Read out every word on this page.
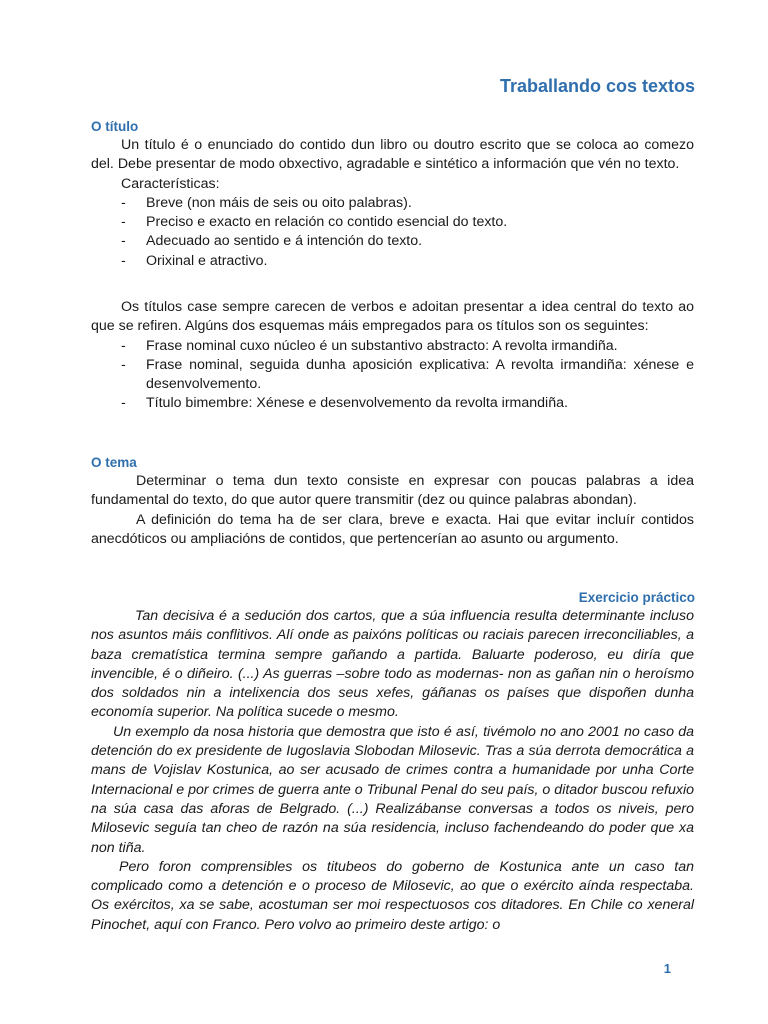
Traballando cos textos
O título

Un título é o enunciado do contido dun libro ou doutro escrito que se coloca ao comezo del. Debe presentar de modo obxectivo, agradable e sintético a información que vén no texto.

Características:

- Breve (non máis de seis ou oito palabras).
- Preciso e exacto en relación co contido esencial do texto.
- Adecuado ao sentido e á intención do texto.
- Orixinal e atractivo.

Os títulos case sempre carecen de verbos e adoitan presentar a idea central do texto ao que se refiren. Algúns dos esquemas máis empregados para os títulos son os seguintes:

- Frase nominal cuxo núcleo é un substantivo abstracto: A revolta irmandiña.
- Frase nominal, seguida dunha aposición explicativa: A revolta irmandiña: xénese e desenvolvemento.
- Título bimembre: Xénese e desenvolvemento da revolta irmandiña.
O tema

Determinar o tema dun texto consiste en expresar con poucas palabras a idea fundamental do texto, do que autor quere transmitir (dez ou quince palabras abondan).

A definición do tema ha de ser clara, breve e exacta. Hai que evitar incluír contidos anecdóticos ou ampliacións de contidos, que pertencerían ao asunto ou argumento.

Exercicio práctico

Tan decisiva é a sedución dos cartos, que a súa influencia resulta determinante incluso nos asuntos máis conflitivos. Alí onde as paixóns políticas ou raciais parecen irreconciliables, a baza crematística termina sempre gañando a partida. Baluarte poderoso, eu diría que invencible, é o diñeiro. (...) As guerras –sobre todo as modernas- non as gañan nin o heroísmo dos soldados nin a intelixencia dos seus xefes, gáñanas os países que dispoñen dunha economía superior. Na política sucede o mesmo.

Un exemplo da nosa historia que demostra que isto é así, tivémolo no ano 2001 no caso da detención do ex presidente de Iugoslavia Slobodan Milosevic. Tras a súa derrota democrática a mans de Vojislav Kostunica, ao ser acusado de crimes contra a humanidade por unha Corte Internacional e por crimes de guerra ante o Tribunal Penal do seu país, o ditador buscou refuxio na súa casa das aforas de Belgrado. (...) Realizábanse conversas a todos os niveis, pero Milosevic seguía tan cheo de razón na súa residencia, incluso fachendeando do poder que xa non tiña.

Pero foron comprensibles os titubeos do goberno de Kostunica ante un caso tan complicado como a detención e o proceso de Milosevic, ao que o exército aínda respectaba. Os exércitos, xa se sabe, acostuman ser moi respectuosos cos ditadores. En Chile co xeneral Pinochet, aquí con Franco. Pero volvo ao primeiro deste artigo: o

1
